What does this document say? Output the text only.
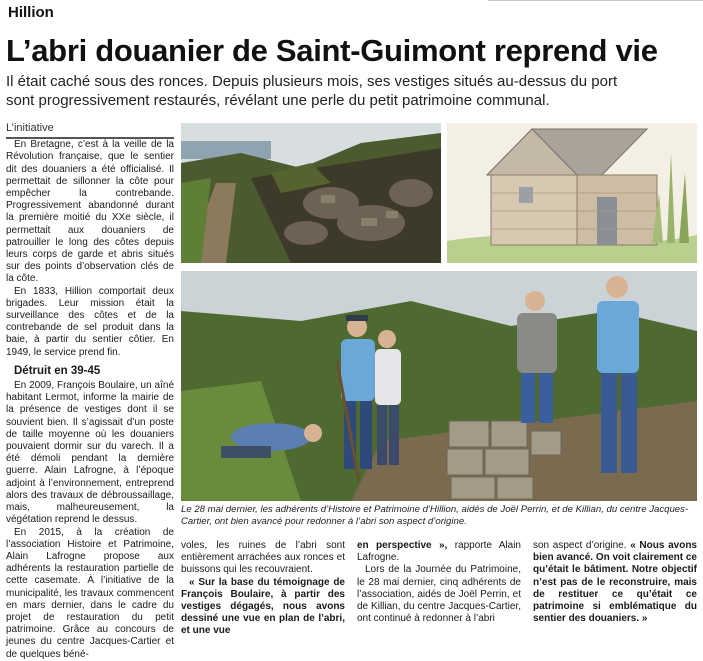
Hillion
L’abri douanier de Saint-Guimont reprend vie

Il était caché sous des ronces. Depuis plusieurs mois, ses vestiges situés au-dessus du port
sont progressivement restaurés, révélant une perle du petit patrimoine communal.

L’initiative

En Bretagne, c’est à la veille de la Révolution française, que le sentier dit des douaniers a été officialisé. Il permettait de sillonner la côte pour empêcher la contrebande. Progressivement abandonné durant la première moitié du XXe siècle, il permettait aux douaniers de patrouiller le long des côtes depuis leurs corps de garde et abris situés sur des points d’observation clés de la côte.

En 1833, Hillion comportait deux brigades. Leur mission était la surveillance des côtes et de la contrebande de sel produit dans la baie, à partir du sentier côtier. En 1949, le service prend fin.

Détruit en 39-45

En 2009, François Boulaire, un aîné habitant Lermot, informe la mairie de la présence de vestiges dont il se souvient bien. Il s’agissait d’un poste de taille moyenne où les douaniers pouvaient dormir sur du varech. Il a été démoli pendant la dernière guerre. Alain Lafrogne, à l’époque adjoint à l’environnement, entreprend alors des travaux de débroussaillage, mais, malheureusement, la végétation reprend le dessus.

En 2015, à la création de l’association Histoire et Patrimoine, Alain Lafrogne propose aux adhérents la restauration partielle de cette casemate. À l’initiative de la municipalité, les travaux commencent en mars dernier, dans le cadre du projet de restauration du petit patrimoine. Grâce au concours de jeunes du centre Jacques-Cartier et de quelques béné-

Le 28 mai dernier, les adhérents d’Histoire et Patrimoine d’Hillion, aidés de Joël Perrin, et de Killian, du centre Jacques-Cartier, ont bien avancé pour redonner à l’abri son aspect d’origine.

voles, les ruines de l’abri sont entièrement arrachées aux ronces et buissons qui les recouvraient.

« Sur la base du témoignage de François Boulaire, à partir des vestiges dégagés, nous avons dessiné une vue en plan de l’abri, et une vue

en perspective », rapporte Alain Lafrogne.

Lors de la Journée du Patrimoine, le 28 mai dernier, cinq adhérents de l’association, aidés de Joël Perrin, et de Killian, du centre Jacques-Cartier, ont continué à redonner à l’abri

son aspect d’origine. « Nous avons bien avancé. On voit clairement ce qu’était le bâtiment. Notre objectif n’est pas de le reconstruire, mais de restituer ce qu’était ce patrimoine si emblématique du sentier des douaniers. »
